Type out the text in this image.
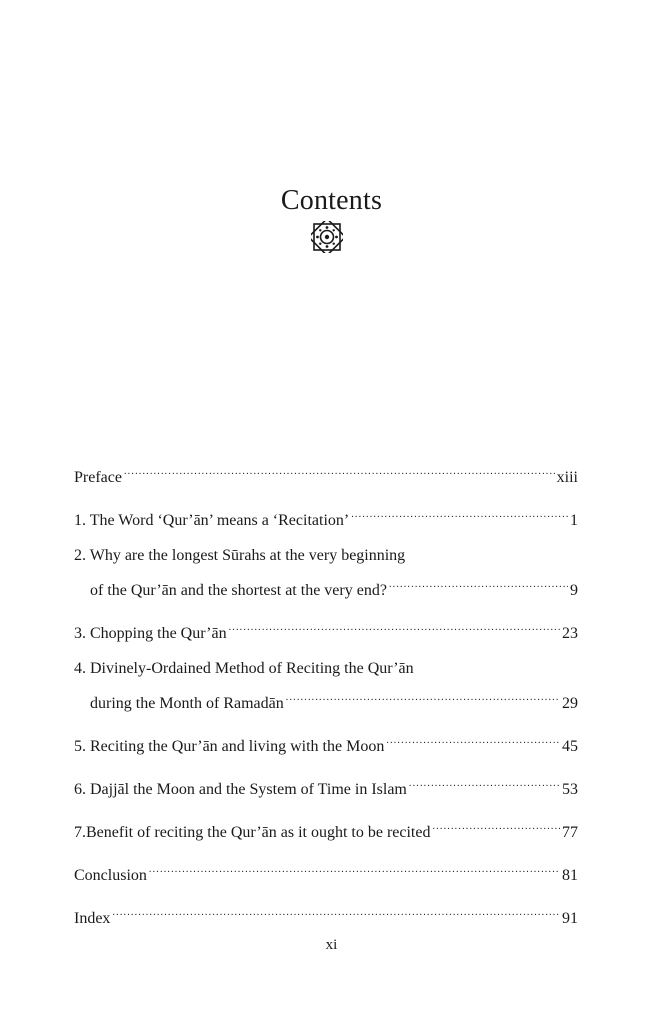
Contents
Preface .....	xiii
1. The Word ‘Qur’ān’ means a ‘Recitation’ .....	1
2. Why are the longest Sūrahs at the very beginning
of the Qur’ān and the shortest at the very end? .....	9
3. Chopping the Qur’ān .....	23
4. Divinely-Ordained Method of Reciting the Qur’ān
during the Month of Ramadān .....	29
5. Reciting the Qur’ān and living with the Moon .....	45
6. Dajjāl the Moon and the System of Time in Islam .....	53
7.Benefit of reciting the Qur’ān as it ought to be recited .....	77
Conclusion .....	81
Index .....	91
xi
